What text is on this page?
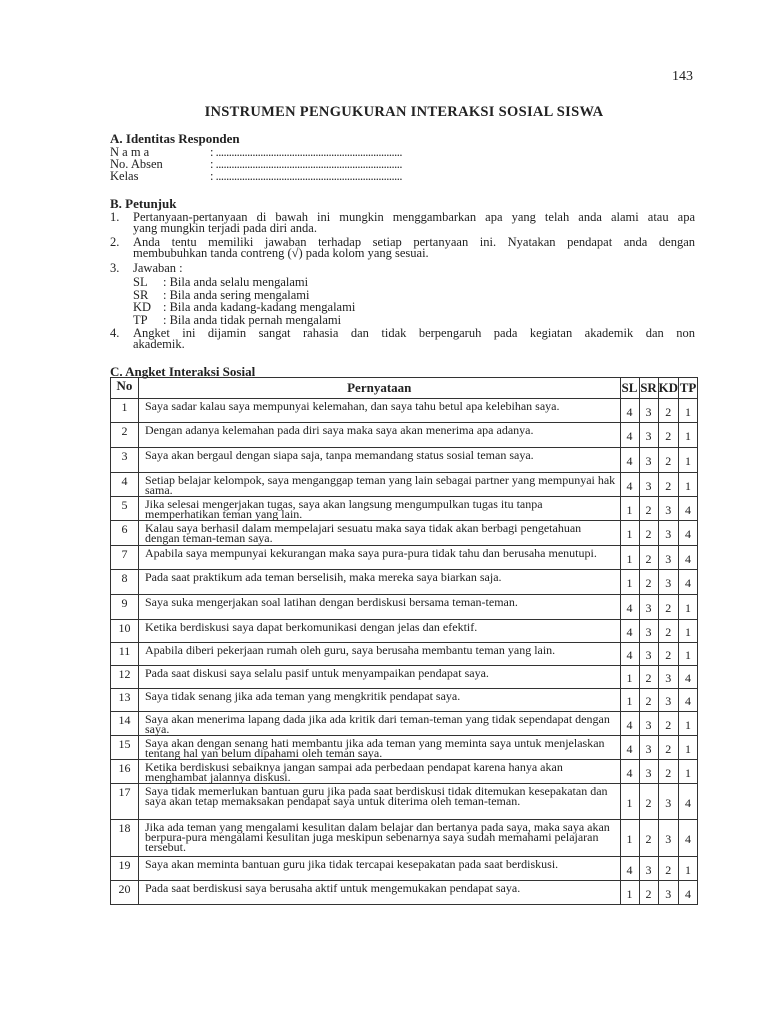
143
INSTRUMEN PENGUKURAN INTERAKSI SOSIAL SISWA
A. Identitas Responden
N a m a	: .......................................................................
No. Absen	: .......................................................................
Kelas	: .......................................................................
B. Petunjuk
1. Pertanyaan-pertanyaan di bawah ini mungkin menggambarkan apa yang telah anda alami atau apa
yang mungkin terjadi pada diri anda.
2. Anda tentu memiliki jawaban terhadap setiap pertanyaan ini. Nyatakan pendapat anda dengan
membubuhkan tanda contreng (√) pada kolom yang sesuai.
3. Jawaban :
SL : Bila anda selalu mengalami
SR : Bila anda sering mengalami
KD : Bila anda kadang-kadang mengalami
TP : Bila anda tidak pernah mengalami
4. Angket ini dijamin sangat rahasia dan tidak berpengaruh pada kegiatan akademik dan non
akademik.
C. Angket Interaksi Sosial
No	Pernyataan	SL	SR	KD	TP
1	Saya sadar kalau saya mempunyai kelemahan, dan saya tahu betul apa kelebihan saya.	4	3	2	1
2	Dengan adanya kelemahan pada diri saya maka saya akan menerima apa adanya.	4	3	2	1
3	Saya akan bergaul dengan siapa saja, tanpa memandang status sosial teman saya.	4	3	2	1
4	Setiap belajar kelompok, saya menganggap teman yang lain sebagai partner yang mempunyai hak sama.	4	3	2	1
5	Jika selesai mengerjakan tugas, saya akan langsung mengumpulkan tugas itu tanpa memperhatikan teman yang lain.	1	2	3	4
6	Kalau saya berhasil dalam mempelajari sesuatu maka saya tidak akan berbagi pengetahuan dengan teman-teman saya.	1	2	3	4
7	Apabila saya mempunyai kekurangan maka saya pura-pura tidak tahu dan berusaha menutupi.	1	2	3	4
8	Pada saat praktikum ada teman berselisih, maka mereka saya biarkan saja.	1	2	3	4
9	Saya suka mengerjakan soal latihan dengan berdiskusi bersama teman-teman.	4	3	2	1
10	Ketika berdiskusi saya dapat berkomunikasi dengan jelas dan efektif.	4	3	2	1
11	Apabila diberi pekerjaan rumah oleh guru, saya berusaha membantu teman yang lain.	4	3	2	1
12	Pada saat diskusi saya selalu pasif untuk menyampaikan pendapat saya.	1	2	3	4
13	Saya tidak senang jika ada teman yang mengkritik pendapat saya.	1	2	3	4
14	Saya akan menerima lapang dada jika ada kritik dari teman-teman yang tidak sependapat dengan saya.	4	3	2	1
15	Saya akan dengan senang hati membantu jika ada teman yang meminta saya untuk menjelaskan tentang hal yan belum dipahami oleh teman saya.	4	3	2	1
16	Ketika berdiskusi sebaiknya jangan sampai ada perbedaan pendapat karena hanya akan menghambat jalannya diskusi.	4	3	2	1
17	Saya tidak memerlukan bantuan guru jika pada saat berdiskusi tidak ditemukan kesepakatan dan saya akan tetap memaksakan pendapat saya untuk diterima oleh teman-teman.	1	2	3	4
18	Jika ada teman yang mengalami kesulitan dalam belajar dan bertanya pada saya, maka saya akan berpura-pura mengalami kesulitan juga meskipun sebenarnya saya sudah memahami pelajaran tersebut.	1	2	3	4
19	Saya akan meminta bantuan guru jika tidak tercapai kesepakatan pada saat berdiskusi.	4	3	2	1
20	Pada saat berdiskusi saya berusaha aktif untuk mengemukakan pendapat saya.	1	2	3	4
